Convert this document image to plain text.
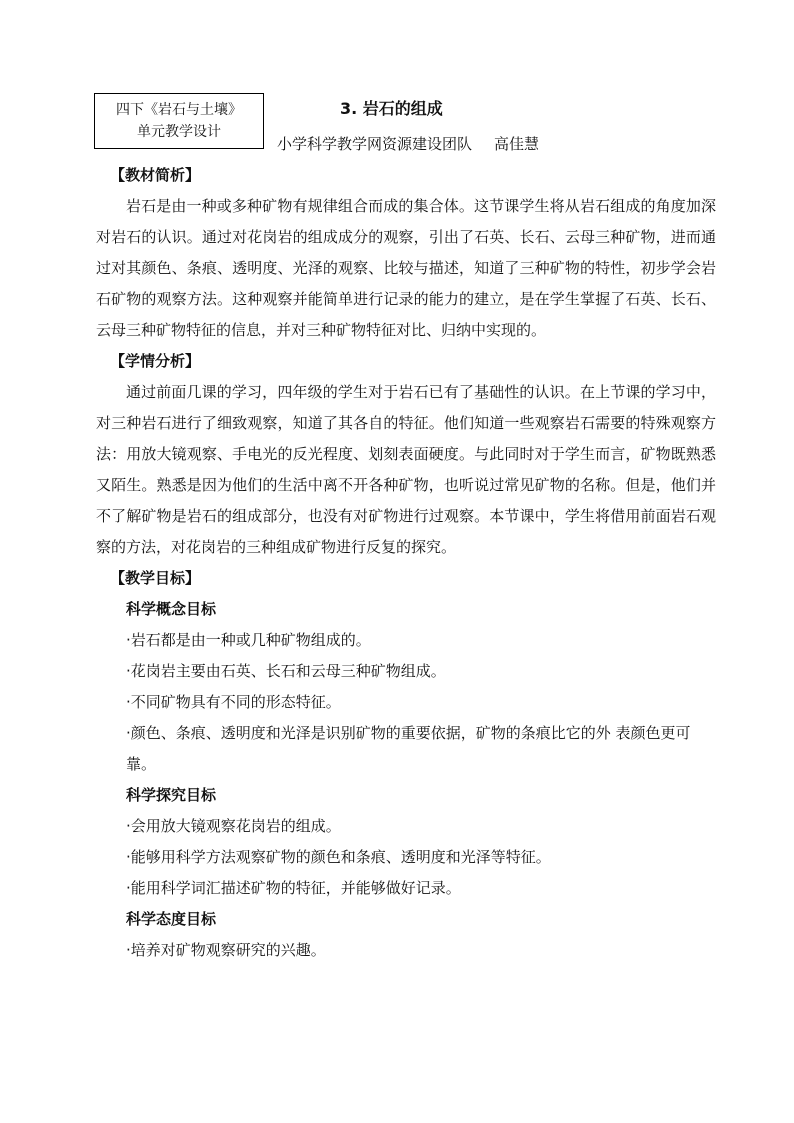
四下《岩石与土壤》
单元教学设计
3. 岩石的组成
小学科学教学网资源建设团队 高佳慧

【教材简析】

岩石是由一种或多种矿物有规律组合而成的集合体。这节课学生将从岩石组成的角度加深对岩石的认识。通过对花岗岩的组成成分的观察，引出了石英、长石、云母三种矿物，进而通过对其颜色、条痕、透明度、光泽的观察、比较与描述，知道了三种矿物的特性，初步学会岩石矿物的观察方法。这种观察并能简单进行记录的能力的建立，是在学生掌握了石英、长石、云母三种矿物特征的信息，并对三种矿物特征对比、归纳中实现的。

【学情分析】

通过前面几课的学习，四年级的学生对于岩石已有了基础性的认识。在上节课的学习中，对三种岩石进行了细致观察，知道了其各自的特征。他们知道一些观察岩石需要的特殊观察方法：用放大镜观察、手电光的反光程度、划刻表面硬度。与此同时对于学生而言，矿物既熟悉又陌生。熟悉是因为他们的生活中离不开各种矿物，也听说过常见矿物的名称。但是，他们并不了解矿物是岩石的组成部分，也没有对矿物进行过观察。本节课中，学生将借用前面岩石观察的方法，对花岗岩的三种组成矿物进行反复的探究。

【教学目标】

科学概念目标

·岩石都是由一种或几种矿物组成的。

·花岗岩主要由石英、长石和云母三种矿物组成。

·不同矿物具有不同的形态特征。

·颜色、条痕、透明度和光泽是识别矿物的重要依据，矿物的条痕比它的外 表颜色更可靠。

科学探究目标

·会用放大镜观察花岗岩的组成。

·能够用科学方法观察矿物的颜色和条痕、透明度和光泽等特征。

·能用科学词汇描述矿物的特征，并能够做好记录。

科学态度目标

·培养对矿物观察研究的兴趣。
